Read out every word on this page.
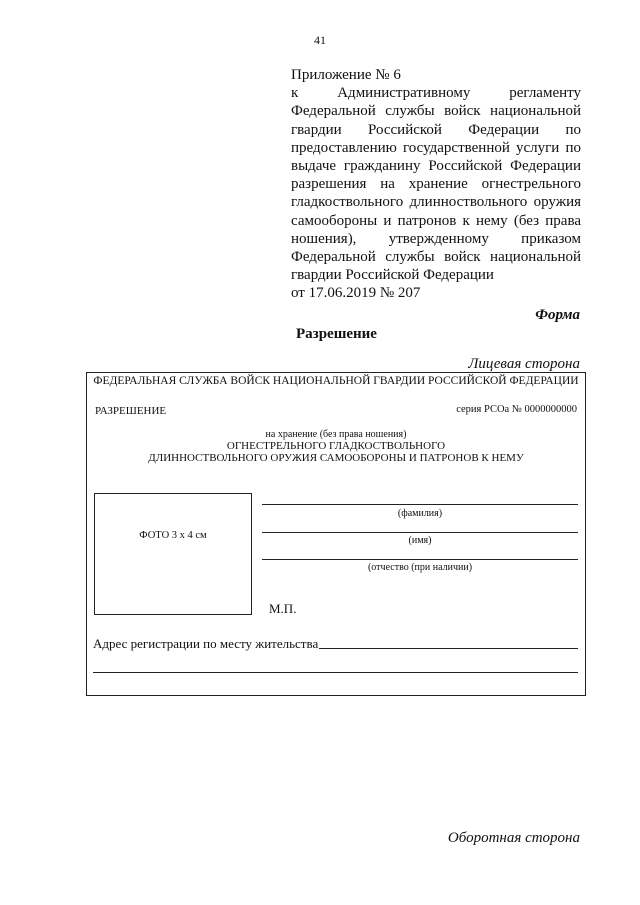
41
Приложение № 6
к Административному регламенту Федеральной службы войск национальной гвардии Российской Федерации по предоставлению государственной услуги по выдаче гражданину Российской Федерации разрешения на хранение огнестрельного гладкоствольного длинноствольного оружия самообороны и патронов к нему (без права ношения), утвержденному приказом Федеральной службы войск национальной гвардии Российской Федерации
от 17.06.2019 № 207
Форма
Разрешение
Лицевая сторона
ФЕДЕРАЛЬНАЯ СЛУЖБА ВОЙСК НАЦИОНАЛЬНОЙ ГВАРДИИ РОССИЙСКОЙ ФЕДЕРАЦИИ
РАЗРЕШЕНИЕ	серия РСОа № 0000000000
на хранение (без права ношения)
ОГНЕСТРЕЛЬНОГО ГЛАДКОСТВОЛЬНОГО
ДЛИННОСТВОЛЬНОГО ОРУЖИЯ САМООБОРОНЫ И ПАТРОНОВ К НЕМУ
ФОТО 3 х 4 см
(фамилия)
(имя)
(отчество (при наличии)
М.П.
Адрес регистрации по месту жительства
Оборотная сторона
